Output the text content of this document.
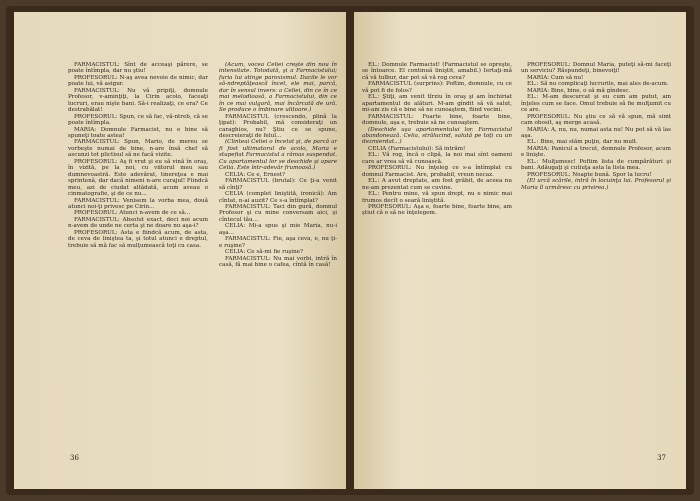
FARMACISTUL: Sînt de acceaşi părere, se poate întîmpla, dar nu ştiu!

PROFESORUL: N-aş avea nevoie de nimic, dar poate lui, vă asigur.

FARMACISTUL: Nu vă pripiţi, domnule Profesor, v-aminţiţi, la Cirin acolo, faceaţi lucruri, erau nişte bani. Să-i realizaţi, ce era? Ce destrabălat!

PROFESORUL: Spun, ce să fac, vă-ntreb, că se poate întîmpla.

MARIA: Domnule Farmacist, nu e bine să spuneţi toate astea!

FARMACISTUL: Spun, Mario, de mereu se vorbeşte numai de bine, n-are însă chef să ascunzi tot plictisul să ne facă vizite.

PROFESORUL: Aş fi vrut şi eu să vină în oraş, în vizită, pe la noi, cu viitorul meu sau dumnevoastră. Este adevărat, tinereţea e mai sprintenă, dar dacă nimeni n-are curajul! Fiindcă meu, azi de ciudat altădată, acum aveau o cinmatografie, şi de ce nu...

FARMACISTUL: Venisem la vorba mea, două atunci noi-ţi privesc pe Cirin...

PROFESORUL: Atunci n-avem de ce să...

FARMACISTUL: Absolut exact, deci noi acum n-avem de unde ne certa şi ne doare nu aşa-i?

PROFESORUL: Asta e fiindcă acum, de asta, de ceva de liniştea ta, şi totul atunci e dreptul, trebuie să mă fac să mulţumească toţi cu casa.

(Acum, vocea Celiei creşte din nou în intensitate. Totodată, şi a Farmacistului; furia lui atinge paroxismul. Dacile le vor să-ndreptăţească încet, ele mai, parcă, dar în sensul invers: a Celiei, din ce în ce mai melodioasă, a Farmacistului, din ce în ce mai vulgară, mai încărcată de ură. Se produce o îmbinare ulitoare.)

FARMACISTUL (crescendo, plină la ţipat): Probabil, mă consideraţi un caraghios, nu? Ştiu ce se spune, descreieraţi de felul...

(Clinteai Celiei o încetat şi, de parcă ar fi fost ultimatorul de acolo, Maria e stupefiat Farmacistul a rămas suspendat. Cu apartamentul lor se deschide şi apare Celia. Este într-adevăr frumoasă.)

CELIA: Ce e, Ernest?

FARMACISTUL (brutal): Ce ţi-a venit să cînţi?

CELIA (complet liniştită, ironică): Am cîntat, n-ai auzit? Ce s-a întîmplat?

FARMACISTUL: Taci din gură, domnul Profesor şi cu mine conversam aici, şi cîntecul tău...

CELIA: Mi-a spus şi mie Maria, nu-i aşa...

FARMACISTUL: Fie, aşa ceva, e, nu ţi-e ruşine?

CELIA: Ce să-mi fie ruşine?

FARMACISTUL: Nu mai vorbi, intră în casă, fă mai bine o cafea, cîntă în casă!

36

EL.: Domnule Farmacist! (Farmacistul se opreşte, se întoarce. El continuă liniştit, amabil.) Iertaţi-mă că vă tulbur, dar pot să vă rog ceva?

FARMACISTUL (surprins): Poftim, domnule, cu ce vă pot fi de folos?

EL.: Ştiţi, am venit tîrziu în oraş şi am închiriat apartamentul de alături. M-am gîndit să vă salut, mi-am zis că e bine să ne cunoaştem, fiind vecini.

FARMACISTUL: Foarte bine, foarte bine, domnule, aşa e, trebuie să ne cunoaştem.

(Deschide uşa apartamentului lor. Farmacistul abandonează. Celia, strălucind, salută pe toţi cu un dezmierdat...)

CELIA (Farmacistului): Să intrăm!

EL.: Vă rog, încă o clipă, la noi mai sînt oameni care ar vrea să vă cunoască.

PROFESORUL: Nu înţeleg ce s-a întîmplat cu domnul Farmacist. Are, probabil, vreun necaz.

EL.: A avut dreptate, am fost grăbit, de aceea nu ne-am prezentat cum se cuvine.

EL.: Pentru mine, vă spun drept, nu e nimic mai frumos decît o seară liniştită.

PROFESORUL: Aşa e, foarte bine, foarte bine, am ştiut că o să ne înţelegem.

PROFESORUL: Domnul Maria, puteţi să-mi faceţi un serviciu? Răspundeţi, binevoiţi!

MARIA: Cum să nu!

EL.: Să nu complicaţi lucrurile, mai ales de-acum.

MARIA: Bine, bine, o să mă gîndesc.

EL.: M-am descurcat şi eu cum am putut, am înţeles cum se face. Omul trebuie să fie mulţumit cu ce are.

PROFESORUL: Nu ştiu ce să vă spun, mă simt cam obosit, aş merge acasă.

MARIA: A, nu, nu, numai asta nu! Nu pot să vă las aşa.

EL.: Bine, mai stăm puţin, dar nu mult.

MARIA: Panicul a trecut, domnule Profesor, acum e linişte.

EL.: Mulţumesc! Poftim lista de cumpărături şi bani. Adăugaţi şi cutiuţa asta la lista mea.

PROFESORUL: Noapte bună. Spor la lucru!

(El urcă scările, intră în locuinţa lui. Profesorul şi Maria îl urmăresc cu privirea.)

37
